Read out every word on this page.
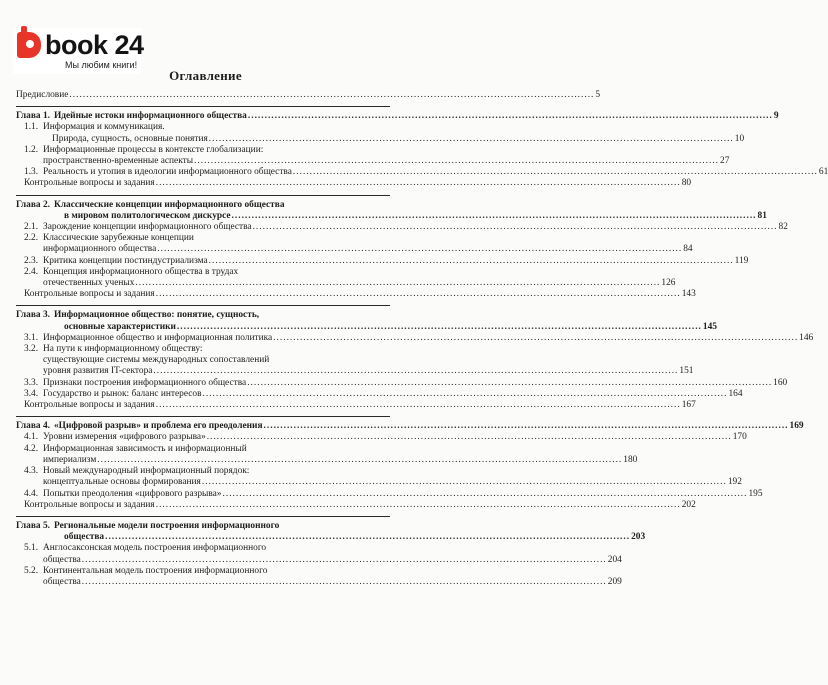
book 24
Мы любим книги!
Оглавление
Предисловие .....	5
Глава 1. Идейные истоки информационного общества .....	9
1.1. Информация и коммуникация.
Природа, сущность, основные понятия .....	10
1.2. Информационные процессы в контексте глобализации:
пространственно-временные аспекты .....	27
1.3. Реальность и утопия в идеологии информационного общества .....	61
Контрольные вопросы и задания .....	80
Глава 2. Классические концепции информационного общества
в мировом политологическом дискурсе .....	81
2.1. Зарождение концепции информационного общества .....	82
2.2. Классические зарубежные концепции
информационного общества .....	84
2.3. Критика концепции постиндустриализма .....	119
2.4. Концепция информационного общества в трудах
отечественных ученых .....	126
Контрольные вопросы и задания .....	143
Глава 3. Информационное общество: понятие, сущность,
основные характеристики .....	145
3.1. Информационное общество и информационная политика .....	146
3.2. На пути к информационному обществу:
существующие системы международных сопоставлений
уровня развития IT-сектора .....	151
3.3. Признаки построения информационного общества .....	160
3.4. Государство и рынок: баланс интересов .....	164
Контрольные вопросы и задания .....	167
Глава 4. «Цифровой разрыв» и проблема его преодоления .....	169
4.1. Уровни измерения «цифрового разрыва» .....	170
4.2. Информационная зависимость и информационный
империализм .....	180
4.3. Новый международный информационный порядок:
концептуальные основы формирования .....	192
4.4. Попытки преодоления «цифрового разрыва» .....	195
Контрольные вопросы и задания .....	202
Глава 5. Региональные модели построения информационного
общества .....	203
5.1. Англосаксонская модель построения информационного
общества .....	204
5.2. Континентальная модель построения информационного
общества .....	209
